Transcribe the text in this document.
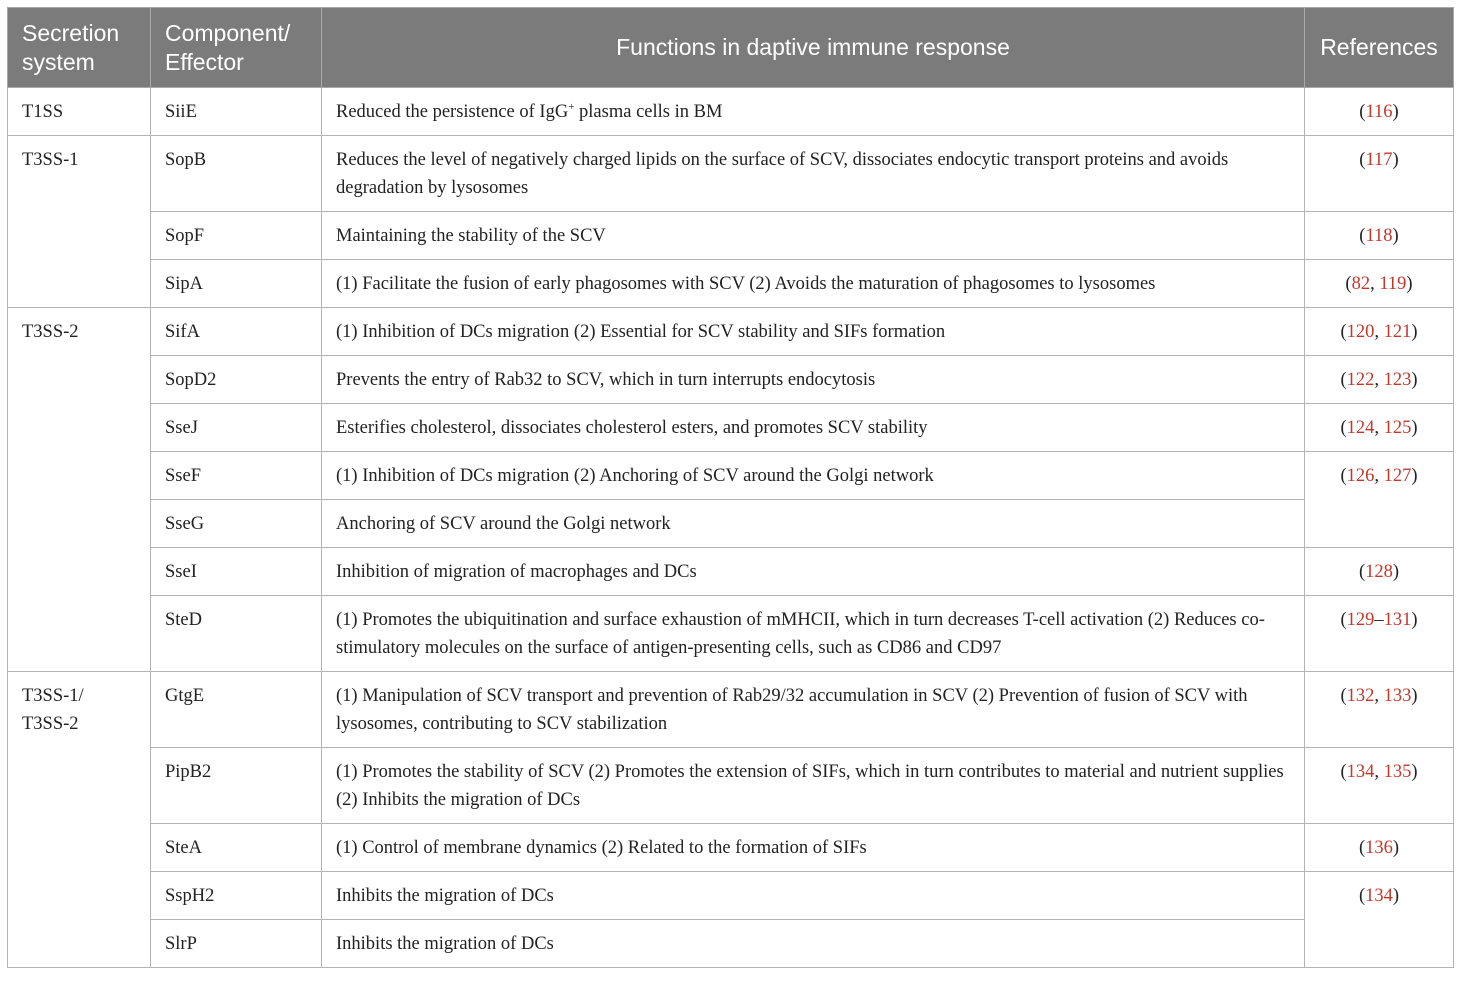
Secretion system	Component/ Effector	Functions in daptive immune response	References
T1SS	SiiE	Reduced the persistence of IgG+ plasma cells in BM	(116)
T3SS-1	SopB	Reduces the level of negatively charged lipids on the surface of SCV, dissociates endocytic transport proteins and avoids degradation by lysosomes	(117)
	SopF	Maintaining the stability of the SCV	(118)
	SipA	(1) Facilitate the fusion of early phagosomes with SCV (2) Avoids the maturation of phagosomes to lysosomes	(82, 119)
T3SS-2	SifA	(1) Inhibition of DCs migration (2) Essential for SCV stability and SIFs formation	(120, 121)
	SopD2	Prevents the entry of Rab32 to SCV, which in turn interrupts endocytosis	(122, 123)
	SseJ	Esterifies cholesterol, dissociates cholesterol esters, and promotes SCV stability	(124, 125)
	SseF	(1) Inhibition of DCs migration (2) Anchoring of SCV around the Golgi network	(126, 127)
	SseG	Anchoring of SCV around the Golgi network	
	SseI	Inhibition of migration of macrophages and DCs	(128)
	SteD	(1) Promotes the ubiquitination and surface exhaustion of mMHCII, which in turn decreases T-cell activation (2) Reduces co-stimulatory molecules on the surface of antigen-presenting cells, such as CD86 and CD97	(129–131)
T3SS-1/ T3SS-2	GtgE	(1) Manipulation of SCV transport and prevention of Rab29/32 accumulation in SCV (2) Prevention of fusion of SCV with lysosomes, contributing to SCV stabilization	(132, 133)
	PipB2	(1) Promotes the stability of SCV (2) Promotes the extension of SIFs, which in turn contributes to material and nutrient supplies (2) Inhibits the migration of DCs	(134, 135)
	SteA	(1) Control of membrane dynamics (2) Related to the formation of SIFs	(136)
	SspH2	Inhibits the migration of DCs	(134)
	SlrP	Inhibits the migration of DCs	
